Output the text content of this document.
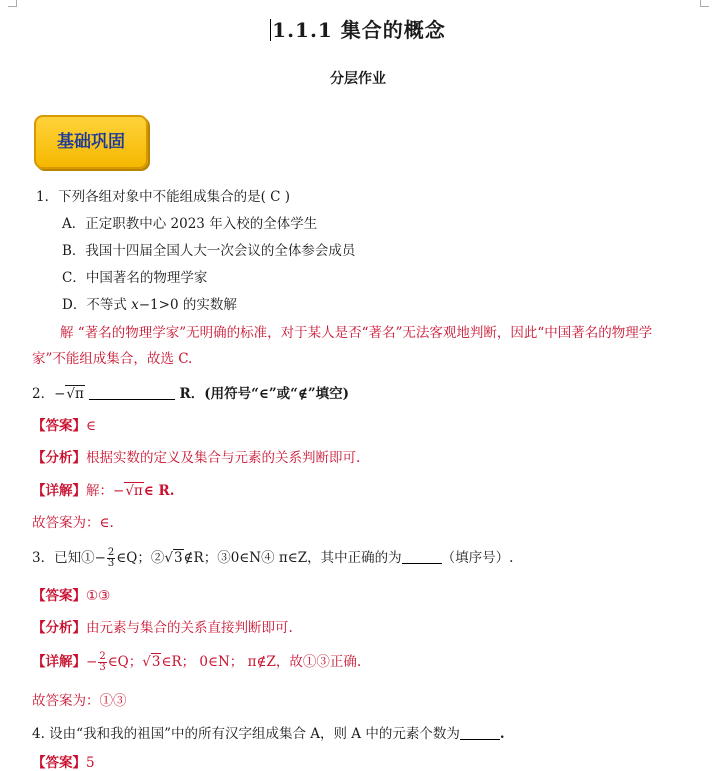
1.1.1 集合的概念
分层作业
基础巩固
1．下列各组对象中不能组成集合的是( C )
A．正定职教中心 2023 年入校的全体学生
B．我国十四届全国人大一次会议的全体参会成员
C．中国著名的物理学家
D．不等式 x−1>0 的实数解
解 “著名的物理学家”无明确的标准，对于某人是否“著名”无法客观地判断，因此“中国著名的物理学
家”不能组成集合，故选 C.
2．−√π	R．(用符号“∈”或“∉”填空)
【答案】∈
【分析】根据实数的定义及集合与元素的关系判断即可.
【详解】解：−√π∈ R.
故答案为：∈.
3．已知①− $\frac{2}{3}$ ∈Q；②√3∉R；③0∈N④ π∈Z，其中正确的为	（填序号）.
【答案】①③
【分析】由元素与集合的关系直接判断即可.
【详解】− $\frac{2}{3}$ ∈Q；√3∈R； 0∈N； π∉Z，故①③正确.
故答案为：①③
4. 设由“我和我的祖国”中的所有汉字组成集合 A，则 A 中的元素个数为	.
【答案】5
